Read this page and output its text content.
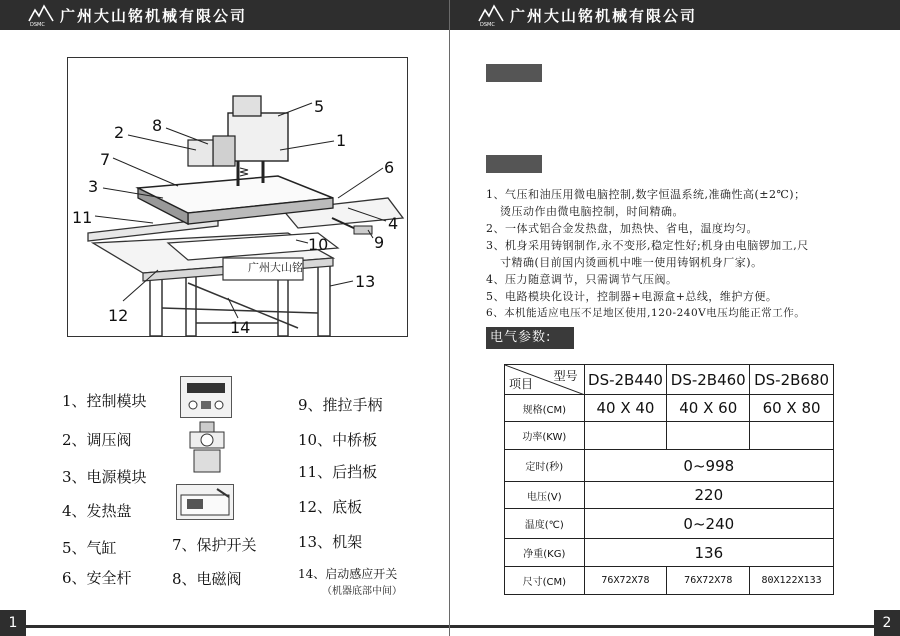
DSMC 广州大山铭机械有限公司
广州大山铭
5
1
8
2
7
3
11
6
4
9
10
13
12
14
1、控制模块
2、调压阀
3、电源模块
4、发热盘
5、气缸
6、安全杆
7、保护开关
8、电磁阀
9、推拉手柄
10、中桥板
11、后挡板
12、底板
13、机架
14、启动感应开关
（机器底部中间）
1
DSMC 广州大山铭机械有限公司
2
1、气压和油压用微电脑控制,数字恒温系统,准确性高(±2℃)；
烫压动作由微电脑控制，时间精确。
2、一体式铝合金发热盘，加热快、省电，温度均匀。
3、机身采用铸钢制作,永不变形,稳定性好;机身由电脑锣加工,尺
寸精确(目前国内烫画机中唯一使用铸钢机身厂家)。
4、压力随意调节，只需调节气压阀。
5、电路模块化设计，控制器+电源盒+总线，维护方便。
6、本机能适应电压不足地区使用,120-240V电压均能正常工作。
电气参数:
型号
项目	DS-2B440	DS-2B460	DS-2B680
规格(CM)	40 X 40	40 X 60	60 X 80
功率(KW)			
定时(秒)	0~998		
电压(V)	220		
温度(℃)	0~240		
净重(KG)	136		
尺寸(CM)	76X72X78	76X72X78	80X122X133
